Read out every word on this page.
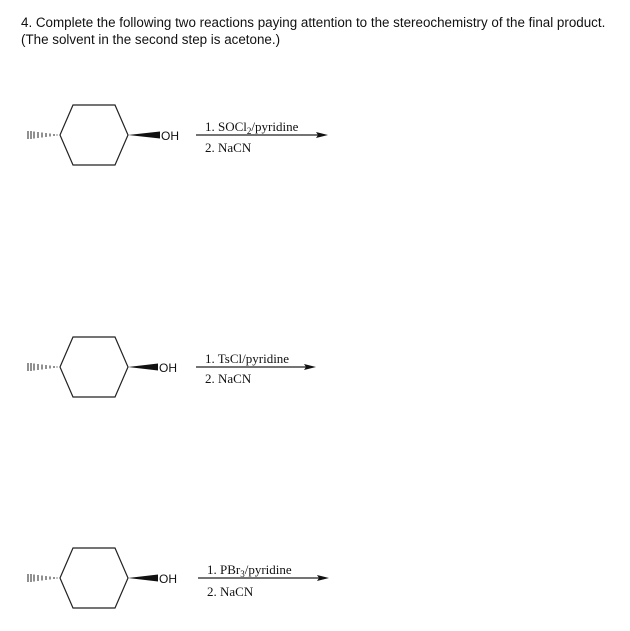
4. Complete the following two reactions paying attention to the stereochemistry of the final product.
(The solvent in the second step is acetone.)
OH
1. SOCl$_2$/pyridine
2. NaCN
OH
1. TsCl/pyridine
2. NaCN
OH
1. PBr$_3$/pyridine
2. NaCN
